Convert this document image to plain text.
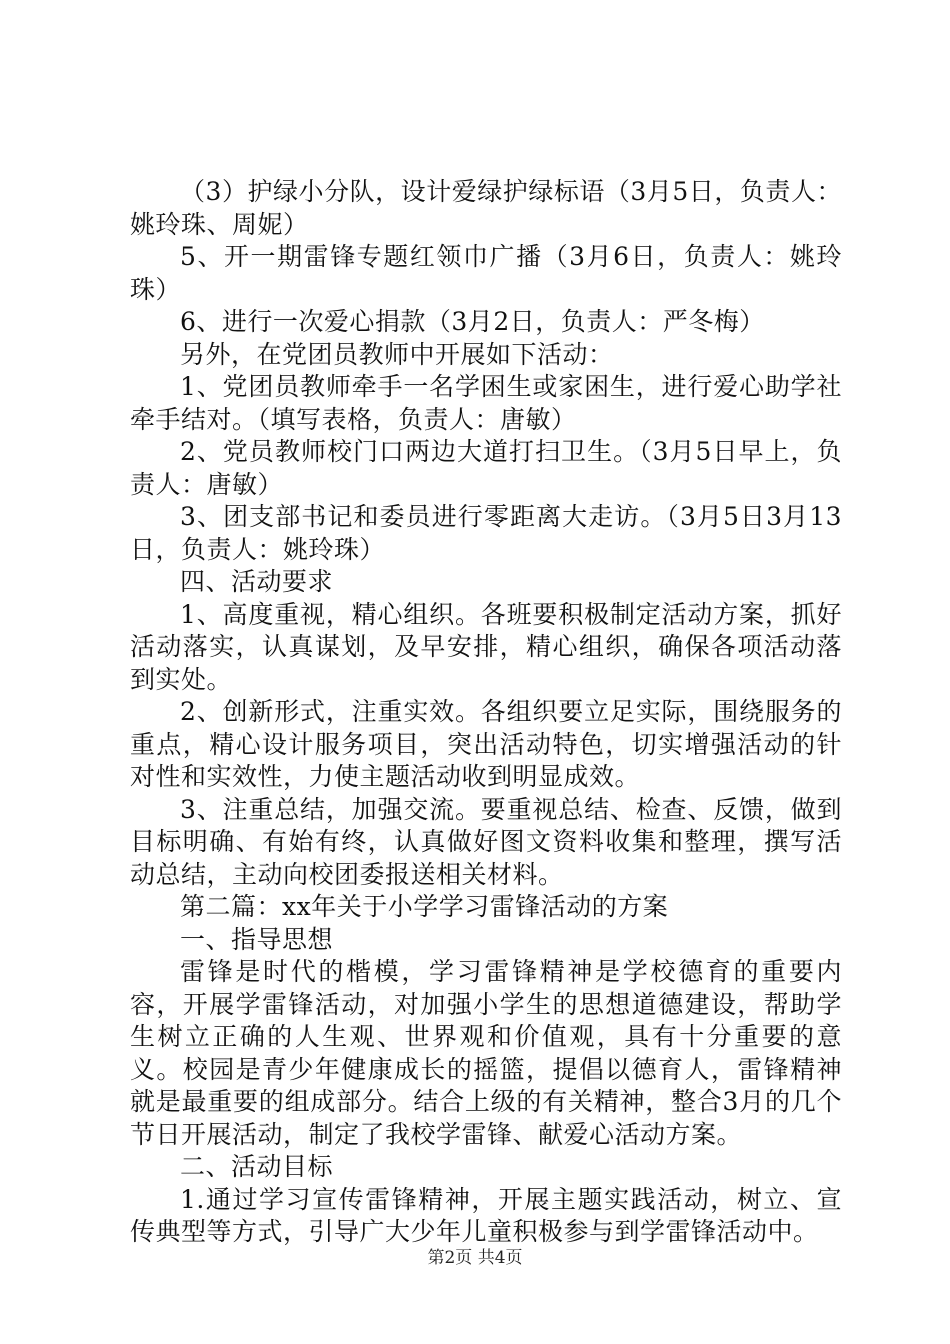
（3）护绿小分队，设计爱绿护绿标语（3月5日，负责人：姚玲珠、周妮）

5、开一期雷锋专题红领巾广播（3月6日，负责人：姚玲珠）

6、进行一次爱心捐款（3月2日，负责人：严冬梅）

另外，在党团员教师中开展如下活动：

1、党团员教师牵手一名学困生或家困生，进行爱心助学社牵手结对。（填写表格，负责人：唐敏）

2、党员教师校门口两边大道打扫卫生。（3月5日早上，负责人：唐敏）

3、团支部书记和委员进行零距离大走访。（3月5日3月13日，负责人：姚玲珠）

四、活动要求

1、高度重视，精心组织。各班要积极制定活动方案，抓好活动落实，认真谋划，及早安排，精心组织，确保各项活动落到实处。

2、创新形式，注重实效。各组织要立足实际，围绕服务的重点，精心设计服务项目，突出活动特色，切实增强活动的针对性和实效性，力使主题活动收到明显成效。

3、注重总结，加强交流。要重视总结、检查、反馈，做到目标明确、有始有终，认真做好图文资料收集和整理，撰写活动总结，主动向校团委报送相关材料。

第二篇：xx年关于小学学习雷锋活动的方案

一、指导思想

雷锋是时代的楷模，学习雷锋精神是学校德育的重要内容，开展学雷锋活动，对加强小学生的思想道德建设，帮助学生树立正确的人生观、世界观和价值观，具有十分重要的意义。校园是青少年健康成长的摇篮，提倡以德育人，雷锋精神就是最重要的组成部分。结合上级的有关精神，整合3月的几个节日开展活动，制定了我校学雷锋、献爱心活动方案。

二、活动目标

1.通过学习宣传雷锋精神，开展主题实践活动，树立、宣传典型等方式，引导广大少年儿童积极参与到学雷锋活动中。

第2页 共4页
